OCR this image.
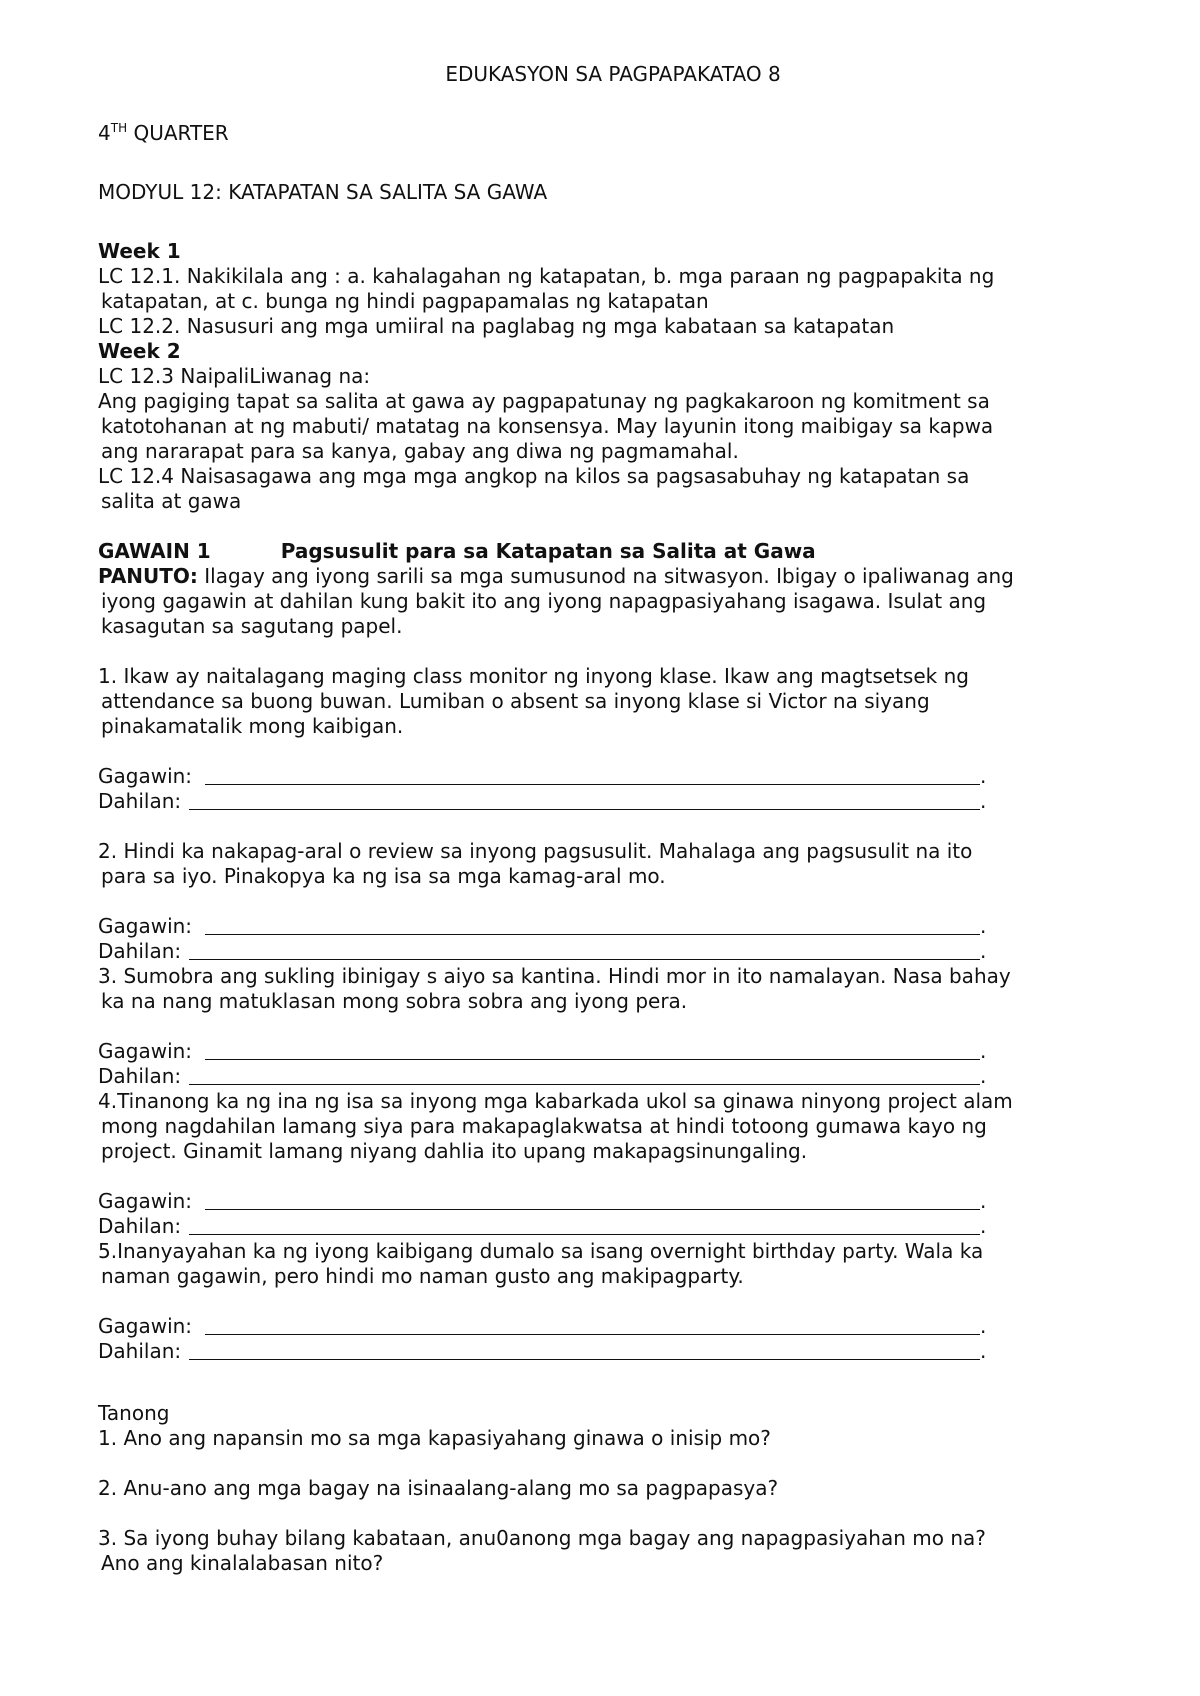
EDUKASYON SA PAGPAPAKATAO 8
4TH QUARTER
MODYUL 12: KATAPATAN SA SALITA SA GAWA
Week 1
LC 12.1. Nakikilala ang : a. kahalagahan ng katapatan, b. mga paraan ng pagpapakita ng
katapatan, at c. bunga ng hindi pagpapamalas ng katapatan
LC 12.2. Nasusuri ang mga umiiral na paglabag ng mga kabataan sa katapatan
Week 2
LC 12.3 NaipaliLiwanag na:
Ang pagiging tapat sa salita at gawa ay pagpapatunay ng pagkakaroon ng komitment sa
katotohanan at ng mabuti/ matatag na konsensya. May layunin itong maibigay sa kapwa
ang nararapat para sa kanya, gabay ang diwa ng pagmamahal.
LC 12.4 Naisasagawa ang mga mga angkop na kilos sa pagsasabuhay ng katapatan sa
salita at gawa
GAWAIN 1	Pagsusulit para sa Katapatan sa Salita at Gawa
PANUTO: Ilagay ang iyong sarili sa mga sumusunod na sitwasyon. Ibigay o ipaliwanag ang
iyong gagawin at dahilan kung bakit ito ang iyong napagpasiyahang isagawa. Isulat ang
kasagutan sa sagutang papel.
1. Ikaw ay naitalagang maging class monitor ng inyong klase. Ikaw ang magtsetsek ng
attendance sa buong buwan. Lumiban o absent sa inyong klase si Victor na siyang
pinakamatalik mong kaibigan.
Gagawin:	.
Dahilan:	.
2. Hindi ka nakapag-aral o review sa inyong pagsusulit. Mahalaga ang pagsusulit na ito
para sa iyo. Pinakopya ka ng isa sa mga kamag-aral mo.
Gagawin:	.
Dahilan:	.
3. Sumobra ang sukling ibinigay s aiyo sa kantina. Hindi mor in ito namalayan. Nasa bahay
ka na nang matuklasan mong sobra sobra ang iyong pera.
Gagawin:	.
Dahilan:	.
4.Tinanong ka ng ina ng isa sa inyong mga kabarkada ukol sa ginawa ninyong project alam
mong nagdahilan lamang siya para makapaglakwatsa at hindi totoong gumawa kayo ng
project. Ginamit lamang niyang dahlia ito upang makapagsinungaling.
Gagawin:	.
Dahilan:	.
5.Inanyayahan ka ng iyong kaibigang dumalo sa isang overnight birthday party. Wala ka
naman gagawin, pero hindi mo naman gusto ang makipagparty.
Gagawin:	.
Dahilan:	.
Tanong
1. Ano ang napansin mo sa mga kapasiyahang ginawa o inisip mo?
2. Anu-ano ang mga bagay na isinaalang-alang mo sa pagpapasya?
3. Sa iyong buhay bilang kabataan, anu0anong mga bagay ang napagpasiyahan mo na?
Ano ang kinalalabasan nito?
